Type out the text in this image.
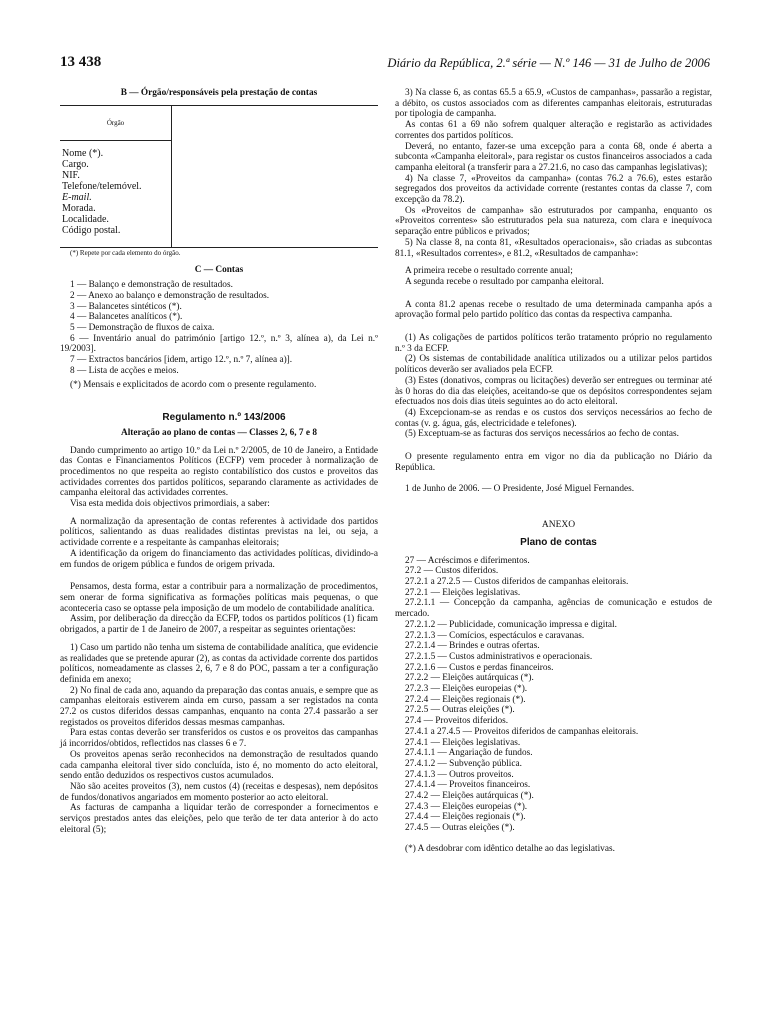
13 438	Diário da República, 2.ª série — N.º 146 — 31 de Julho de 2006

B — Órgão/responsáveis pela prestação de contas

Órgão
Nome (*).
Cargo.
NIF.
Telefone/telemóvel.
E-mail.
Morada.
Localidade.
Código postal.

(*) Repete por cada elemento do órgão.

C — Contas

1 — Balanço e demonstração de resultados.

2 — Anexo ao balanço e demonstração de resultados.

3 — Balancetes sintéticos (*).

4 — Balancetes analíticos (*).

5 — Demonstração de fluxos de caixa.

6 — Inventário anual do património [artigo 12.º, n.º 3, alínea a), da Lei n.º 19/2003].

7 — Extractos bancários [idem, artigo 12.º, n.º 7, alínea a)].

8 — Lista de acções e meios.

(*) Mensais e explicitados de acordo com o presente regulamento.

Regulamento n.º 143/2006

Alteração ao plano de contas — Classes 2, 6, 7 e 8

Dando cumprimento ao artigo 10.º da Lei n.º 2/2005, de 10 de Janeiro, a Entidade das Contas e Financiamentos Políticos (ECFP) vem proceder à normalização de procedimentos no que respeita ao registo contabilístico dos custos e proveitos das actividades correntes dos partidos políticos, separando claramente as actividades de campanha eleitoral das actividades correntes.

Visa esta medida dois objectivos primordiais, a saber:

A normalização da apresentação de contas referentes à actividade dos partidos políticos, salientando as duas realidades distintas previstas na lei, ou seja, a actividade corrente e a respeitante às campanhas eleitorais;

A identificação da origem do financiamento das actividades políticas, dividindo-a em fundos de origem pública e fundos de origem privada.

Pensamos, desta forma, estar a contribuir para a normalização de procedimentos, sem onerar de forma significativa as formações políticas mais pequenas, o que aconteceria caso se optasse pela imposição de um modelo de contabilidade analítica.

Assim, por deliberação da direcção da ECFP, todos os partidos políticos (1) ficam obrigados, a partir de 1 de Janeiro de 2007, a respeitar as seguintes orientações:

1) Caso um partido não tenha um sistema de contabilidade analítica, que evidencie as realidades que se pretende apurar (2), as contas da actividade corrente dos partidos políticos, nomeadamente as classes 2, 6, 7 e 8 do POC, passam a ter a configuração definida em anexo;

2) No final de cada ano, aquando da preparação das contas anuais, e sempre que as campanhas eleitorais estiverem ainda em curso, passam a ser registados na conta 27.2 os custos diferidos dessas campanhas, enquanto na conta 27.4 passarão a ser registados os proveitos diferidos dessas mesmas campanhas.

Para estas contas deverão ser transferidos os custos e os proveitos das campanhas já incorridos/obtidos, reflectidos nas classes 6 e 7.

Os proveitos apenas serão reconhecidos na demonstração de resultados quando cada campanha eleitoral tiver sido concluída, isto é, no momento do acto eleitoral, sendo então deduzidos os respectivos custos acumulados.

Não são aceites proveitos (3), nem custos (4) (receitas e despesas), nem depósitos de fundos/donativos angariados em momento posterior ao acto eleitoral.

As facturas de campanha a liquidar terão de corresponder a fornecimentos e serviços prestados antes das eleições, pelo que terão de ter data anterior à do acto eleitoral (5);

3) Na classe 6, as contas 65.5 a 65.9, «Custos de campanhas», passarão a registar, a débito, os custos associados com as diferentes campanhas eleitorais, estruturadas por tipologia de campanha.

As contas 61 a 69 não sofrem qualquer alteração e registarão as actividades correntes dos partidos políticos.

Deverá, no entanto, fazer-se uma excepção para a conta 68, onde é aberta a subconta «Campanha eleitoral», para registar os custos financeiros associados a cada campanha eleitoral (a transferir para a 27.21.6, no caso das campanhas legislativas);

4) Na classe 7, «Proveitos da campanha» (contas 76.2 a 76.6), estes estarão segregados dos proveitos da actividade corrente (restantes contas da classe 7, com excepção da 78.2).

Os «Proveitos de campanha» são estruturados por campanha, enquanto os «Proveitos correntes» são estruturados pela sua natureza, com clara e inequívoca separação entre públicos e privados;

5) Na classe 8, na conta 81, «Resultados operacionais», são criadas as subcontas 81.1, «Resultados correntes», e 81.2, «Resultados de campanha»:

A primeira recebe o resultado corrente anual;

A segunda recebe o resultado por campanha eleitoral.

A conta 81.2 apenas recebe o resultado de uma determinada campanha após a aprovação formal pelo partido político das contas da respectiva campanha.

(1) As coligações de partidos políticos terão tratamento próprio no regulamento n.º 3 da ECFP.

(2) Os sistemas de contabilidade analítica utilizados ou a utilizar pelos partidos políticos deverão ser avaliados pela ECFP.

(3) Estes (donativos, compras ou licitações) deverão ser entregues ou terminar até às 0 horas do dia das eleições, aceitando-se que os depósitos correspondentes sejam efectuados nos dois dias úteis seguintes ao do acto eleitoral.

(4) Excepcionam-se as rendas e os custos dos serviços necessários ao fecho de contas (v. g. água, gás, electricidade e telefones).

(5) Exceptuam-se as facturas dos serviços necessários ao fecho de contas.

O presente regulamento entra em vigor no dia da publicação no Diário da República.

1 de Junho de 2006. — O Presidente, José Miguel Fernandes.

ANEXO

Plano de contas

27 — Acréscimos e diferimentos.

27.2 — Custos diferidos.

27.2.1 a 27.2.5 — Custos diferidos de campanhas eleitorais.

27.2.1 — Eleições legislativas.

27.2.1.1 — Concepção da campanha, agências de comunicação e estudos de mercado.

27.2.1.2 — Publicidade, comunicação impressa e digital.

27.2.1.3 — Comícios, espectáculos e caravanas.

27.2.1.4 — Brindes e outras ofertas.

27.2.1.5 — Custos administrativos e operacionais.

27.2.1.6 — Custos e perdas financeiros.

27.2.2 — Eleições autárquicas (*).

27.2.3 — Eleições europeias (*).

27.2.4 — Eleições regionais (*).

27.2.5 — Outras eleições (*).

27.4 — Proveitos diferidos.

27.4.1 a 27.4.5 — Proveitos diferidos de campanhas eleitorais.

27.4.1 — Eleições legislativas.

27.4.1.1 — Angariação de fundos.

27.4.1.2 — Subvenção pública.

27.4.1.3 — Outros proveitos.

27.4.1.4 — Proveitos financeiros.

27.4.2 — Eleições autárquicas (*).

27.4.3 — Eleições europeias (*).

27.4.4 — Eleições regionais (*).

27.4.5 — Outras eleições (*).

(*) A desdobrar com idêntico detalhe ao das legislativas.
